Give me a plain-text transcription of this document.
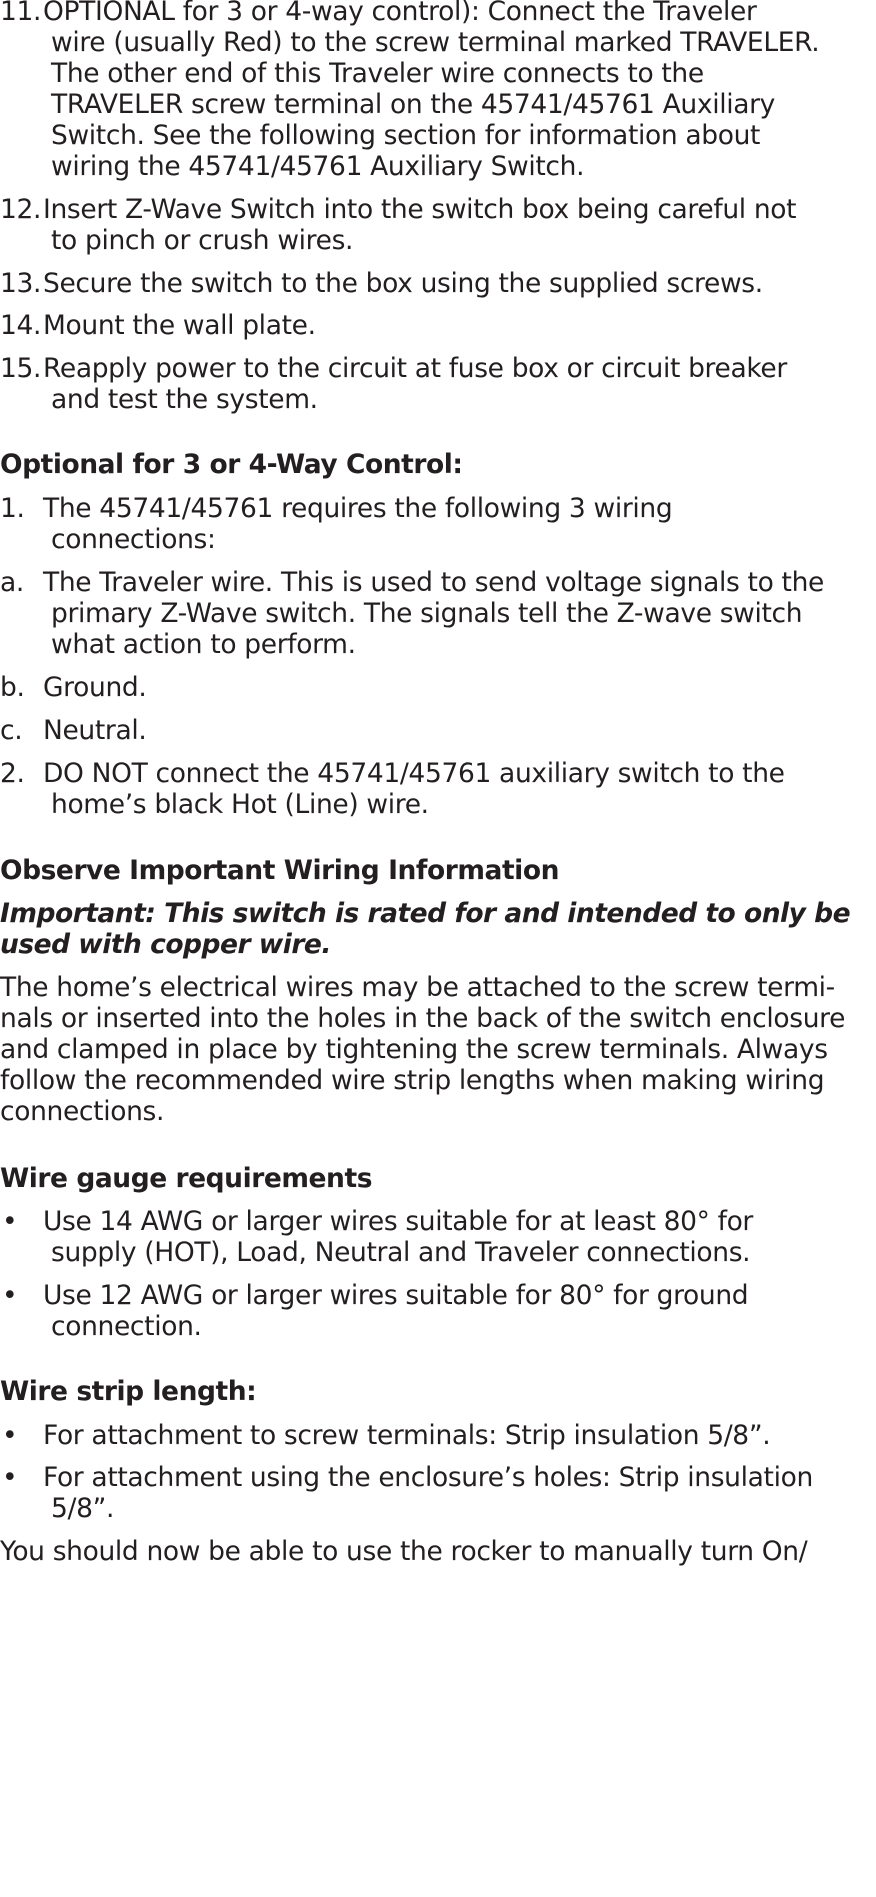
11. OPTIONAL for 3 or 4-way control): Connect the Traveler
wire (usually Red) to the screw terminal marked TRAVELER.
The other end of this Traveler wire connects to the
TRAVELER screw terminal on the 45741/45761 Auxiliary
Switch. See the following section for information about
wiring the 45741/45761 Auxiliary Switch.
12. Insert Z-Wave Switch into the switch box being careful not
to pinch or crush wires.
13. Secure the switch to the box using the supplied screws.
14. Mount the wall plate.
15. Reapply power to the circuit at fuse box or circuit breaker
and test the system.
Optional for 3 or 4-Way Control:
1. The 45741/45761 requires the following 3 wiring
connections:
a. The Traveler wire. This is used to send voltage signals to the
primary Z-Wave switch. The signals tell the Z-wave switch
what action to perform.
b. Ground.
c. Neutral.
2. DO NOT connect the 45741/45761 auxiliary switch to the
home’s black Hot (Line) wire.
Observe Important Wiring Information
Important: This switch is rated for and intended to only be
used with copper wire.
The home’s electrical wires may be attached to the screw termi-
nals or inserted into the holes in the back of the switch enclosure
and clamped in place by tightening the screw terminals. Always
follow the recommended wire strip lengths when making wiring
connections.
Wire gauge requirements
• Use 14 AWG or larger wires suitable for at least 80° for
supply (HOT), Load, Neutral and Traveler connections.
• Use 12 AWG or larger wires suitable for 80° for ground
connection.
Wire strip length:
• For attachment to screw terminals: Strip insulation 5/8”.
• For attachment using the enclosure’s holes: Strip insulation
5/8”.
You should now be able to use the rocker to manually turn On/
